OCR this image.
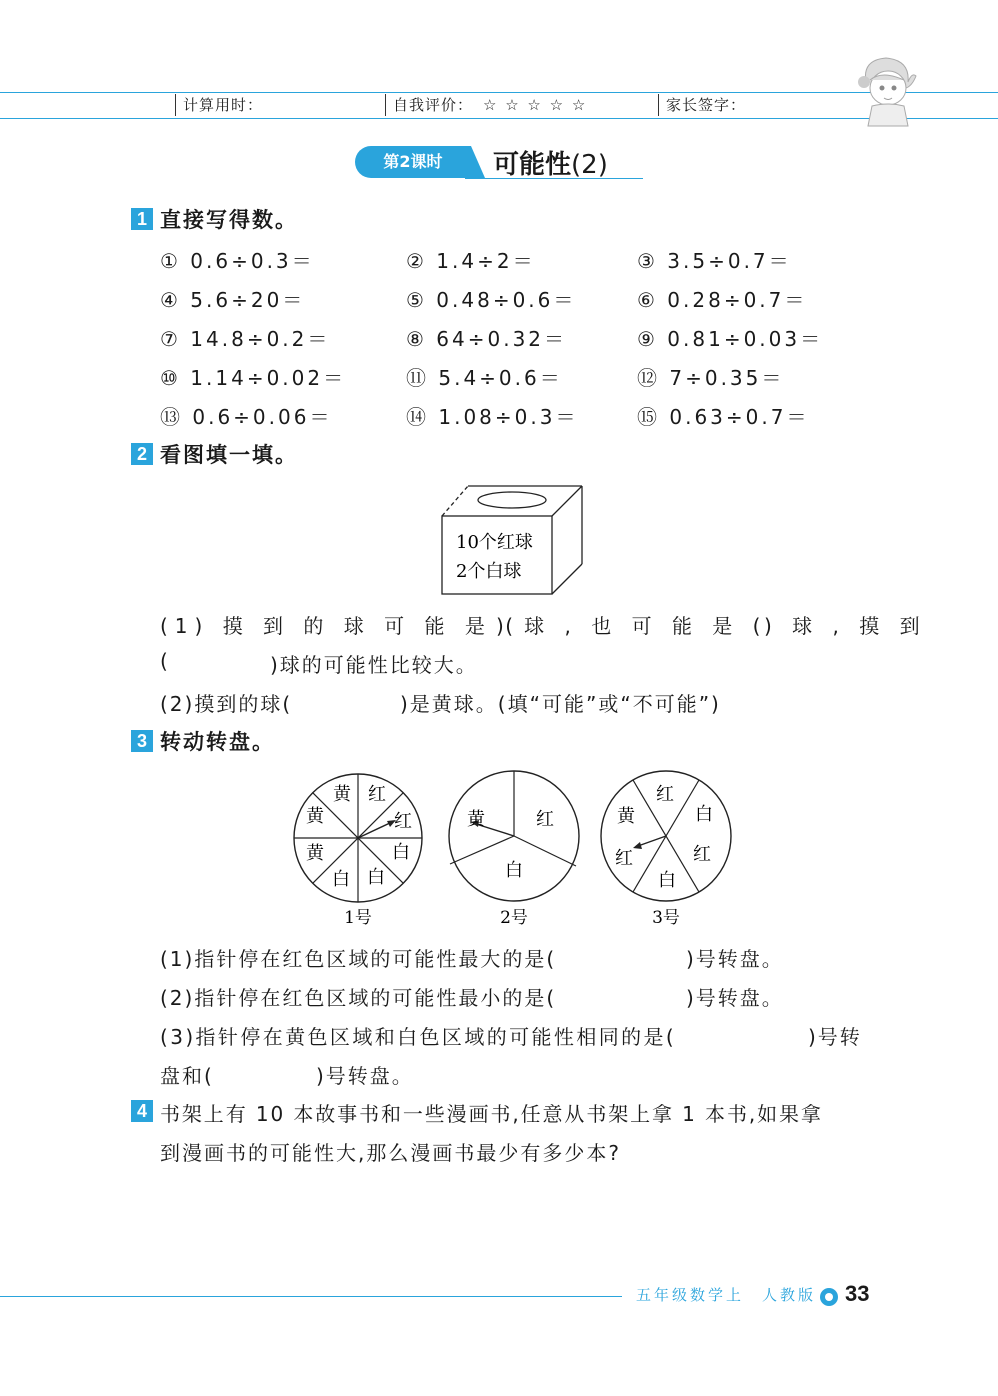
计算用时：	自我评价： ☆ ☆ ☆ ☆ ☆	家长签字：
第2课时	可能性(2)
1 直接写得数。
① 0.6÷0.3＝	② 1.4÷2＝	③ 3.5÷0.7＝
④ 5.6÷20＝	⑤ 0.48÷0.6＝	⑥ 0.28÷0.7＝
⑦ 14.8÷0.2＝	⑧ 64÷0.32＝	⑨ 0.81÷0.03＝
⑩ 1.14÷0.02＝	⑪ 5.4÷0.6＝	⑫ 7÷0.35＝
⑬ 0.6÷0.06＝	⑭ 1.08÷0.3＝	⑮ 0.63÷0.7＝
2 看图填一填。
10个红球
2个白球
(1) 摸 到 的 球 可 能 是 (
) 球 , 也 可 能 是 (
) 球 , 摸 到
(	)球的可能性比较大。
(2)摸到的球(	)是黄球。(填“可能”或“不可能”)
3 转动转盘。
黄 红
红
白
白
白
黄
黄
1号
黄	红
白
2号
红
白
红
白
红
黄
3号
(1)指针停在红色区域的可能性最大的是(	)号转盘。
(2)指针停在红色区域的可能性最小的是(	)号转盘。
(3)指针停在黄色区域和白色区域的可能性相同的是(	)号转
盘和(	)号转盘。
4 书架上有 10 本故事书和一些漫画书,任意从书架上拿 1 本书,如果拿
到漫画书的可能性大,那么漫画书最少有多少本?
五年级数学上　人教版 33
